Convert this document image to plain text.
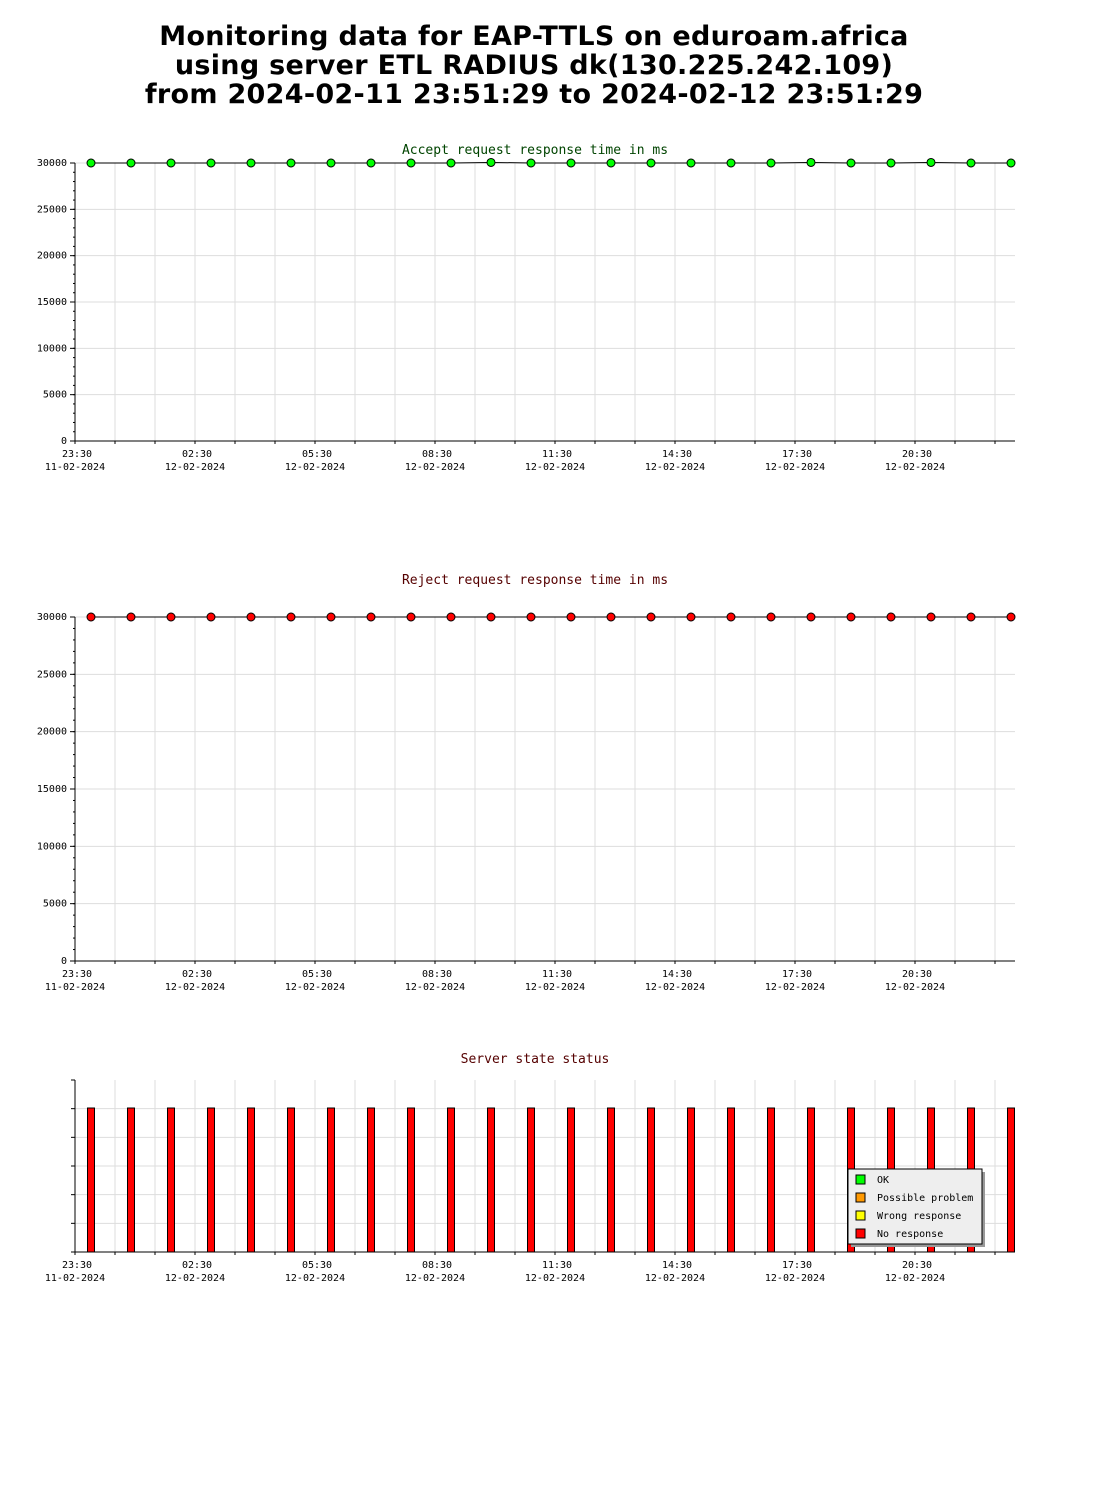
Monitoring data for EAP-TTLS on eduroam.africa
using server ETL RADIUS dk(130.225.242.109)
from 2024-02-11 23:51:29 to 2024-02-12 23:51:29
Accept request response time in ms
0
5000
10000
15000
20000
25000
30000
23:30
11-02-2024
02:30
12-02-2024
05:30
12-02-2024
08:30
12-02-2024
11:30
12-02-2024
14:30
12-02-2024
17:30
12-02-2024
20:30
12-02-2024
Reject request response time in ms
0
5000
10000
15000
20000
25000
30000
23:30
11-02-2024
02:30
12-02-2024
05:30
12-02-2024
08:30
12-02-2024
11:30
12-02-2024
14:30
12-02-2024
17:30
12-02-2024
20:30
12-02-2024
Server state status
23:30
11-02-2024
02:30
12-02-2024
05:30
12-02-2024
08:30
12-02-2024
11:30
12-02-2024
14:30
12-02-2024
17:30
12-02-2024
20:30
12-02-2024
OK
Possible problem
Wrong response
No response
